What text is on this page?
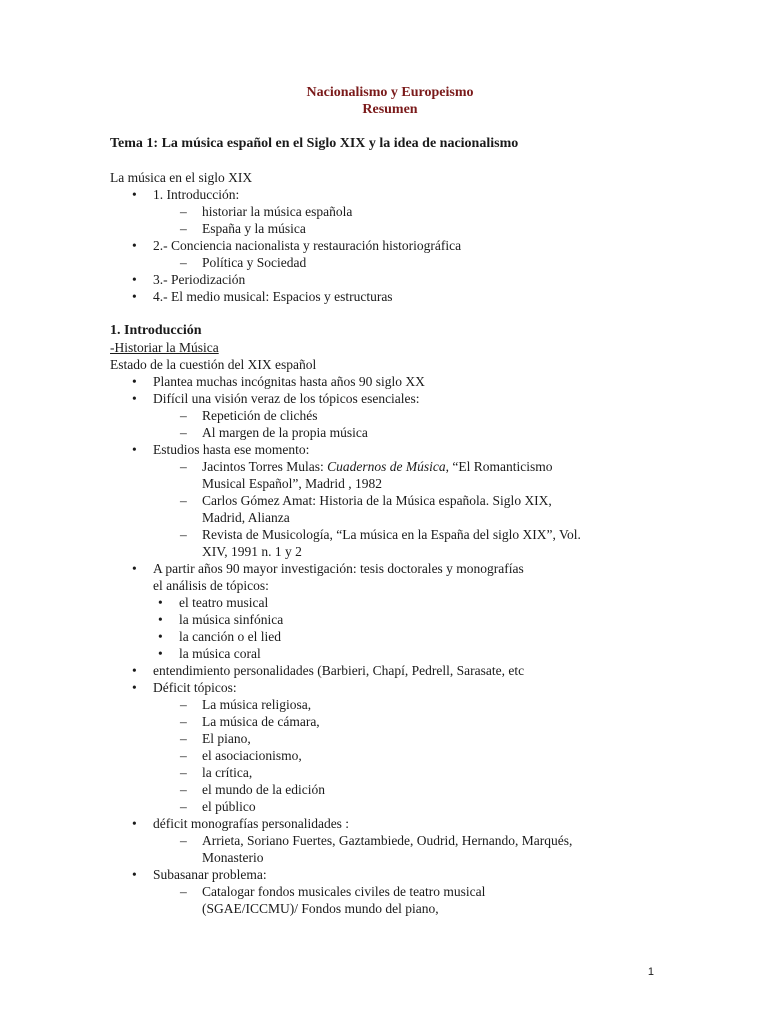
Nacionalismo y Europeismo
Resumen
Tema 1: La música español en el Siglo XIX y la idea de nacionalismo
La música en el siglo XIX
• 1. Introducción:
– historiar la música española
– España y la música
• 2.- Conciencia nacionalista y restauración historiográfica
– Política y Sociedad
• 3.- Periodización
• 4.- El medio musical: Espacios y estructuras
1. Introducción
-Historiar la Música
Estado de la cuestión del XIX español
• Plantea muchas incógnitas hasta años 90 siglo XX
• Difícil una visión veraz de los tópicos esenciales:
– Repetición de clichés
– Al margen de la propia música
• Estudios hasta ese momento:
– Jacintos Torres Mulas: Cuadernos de Música, “El Romanticismo
Musical Español”, Madrid , 1982
– Carlos Gómez Amat: Historia de la Música española. Siglo XIX,
Madrid, Alianza
– Revista de Musicología, “La música en la España del siglo XIX”, Vol.
XIV, 1991 n. 1 y 2
• A partir años 90 mayor investigación: tesis doctorales y monografías
el análisis de tópicos:
• el teatro musical
• la música sinfónica
• la canción o el lied
• la música coral
• entendimiento personalidades (Barbieri, Chapí, Pedrell, Sarasate, etc
• Déficit tópicos:
– La música religiosa,
– La música de cámara,
– El piano,
– el asociacionismo,
– la crítica,
– el mundo de la edición
– el público
• déficit monografías personalidades :
– Arrieta, Soriano Fuertes, Gaztambiede, Oudrid, Hernando, Marqués,
Monasterio
• Subasanar problema:
– Catalogar fondos musicales civiles de teatro musical
(SGAE/ICCMU)/ Fondos mundo del piano,
1
